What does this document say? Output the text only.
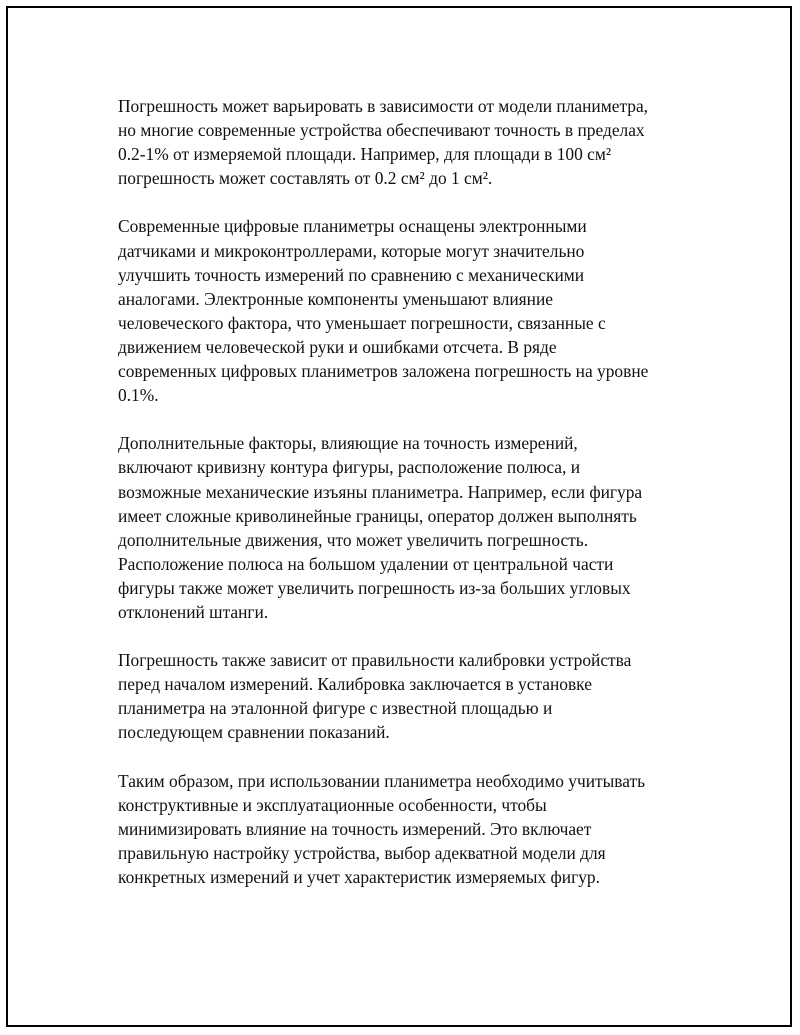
Погрешность может варьировать в зависимости от модели планиметра,
но многие современные устройства обеспечивают точность в пределах
0.2-1% от измеряемой площади. Например, для площади в 100 см²
погрешность может составлять от 0.2 см² до 1 см².

Современные цифровые планиметры оснащены электронными
датчиками и микроконтроллерами, которые могут значительно
улучшить точность измерений по сравнению с механическими
аналогами. Электронные компоненты уменьшают влияние
человеческого фактора, что уменьшает погрешности, связанные с
движением человеческой руки и ошибками отсчета. В ряде
современных цифровых планиметров заложена погрешность на уровне
0.1%.

Дополнительные факторы, влияющие на точность измерений,
включают кривизну контура фигуры, расположение полюса, и
возможные механические изъяны планиметра. Например, если фигура
имеет сложные криволинейные границы, оператор должен выполнять
дополнительные движения, что может увеличить погрешность.
Расположение полюса на большом удалении от центральной части
фигуры также может увеличить погрешность из-за больших угловых
отклонений штанги.

Погрешность также зависит от правильности калибровки устройства
перед началом измерений. Калибровка заключается в установке
планиметра на эталонной фигуре с известной площадью и
последующем сравнении показаний.

Таким образом, при использовании планиметра необходимо учитывать
конструктивные и эксплуатационные особенности, чтобы
минимизировать влияние на точность измерений. Это включает
правильную настройку устройства, выбор адекватной модели для
конкретных измерений и учет характеристик измеряемых фигур.
